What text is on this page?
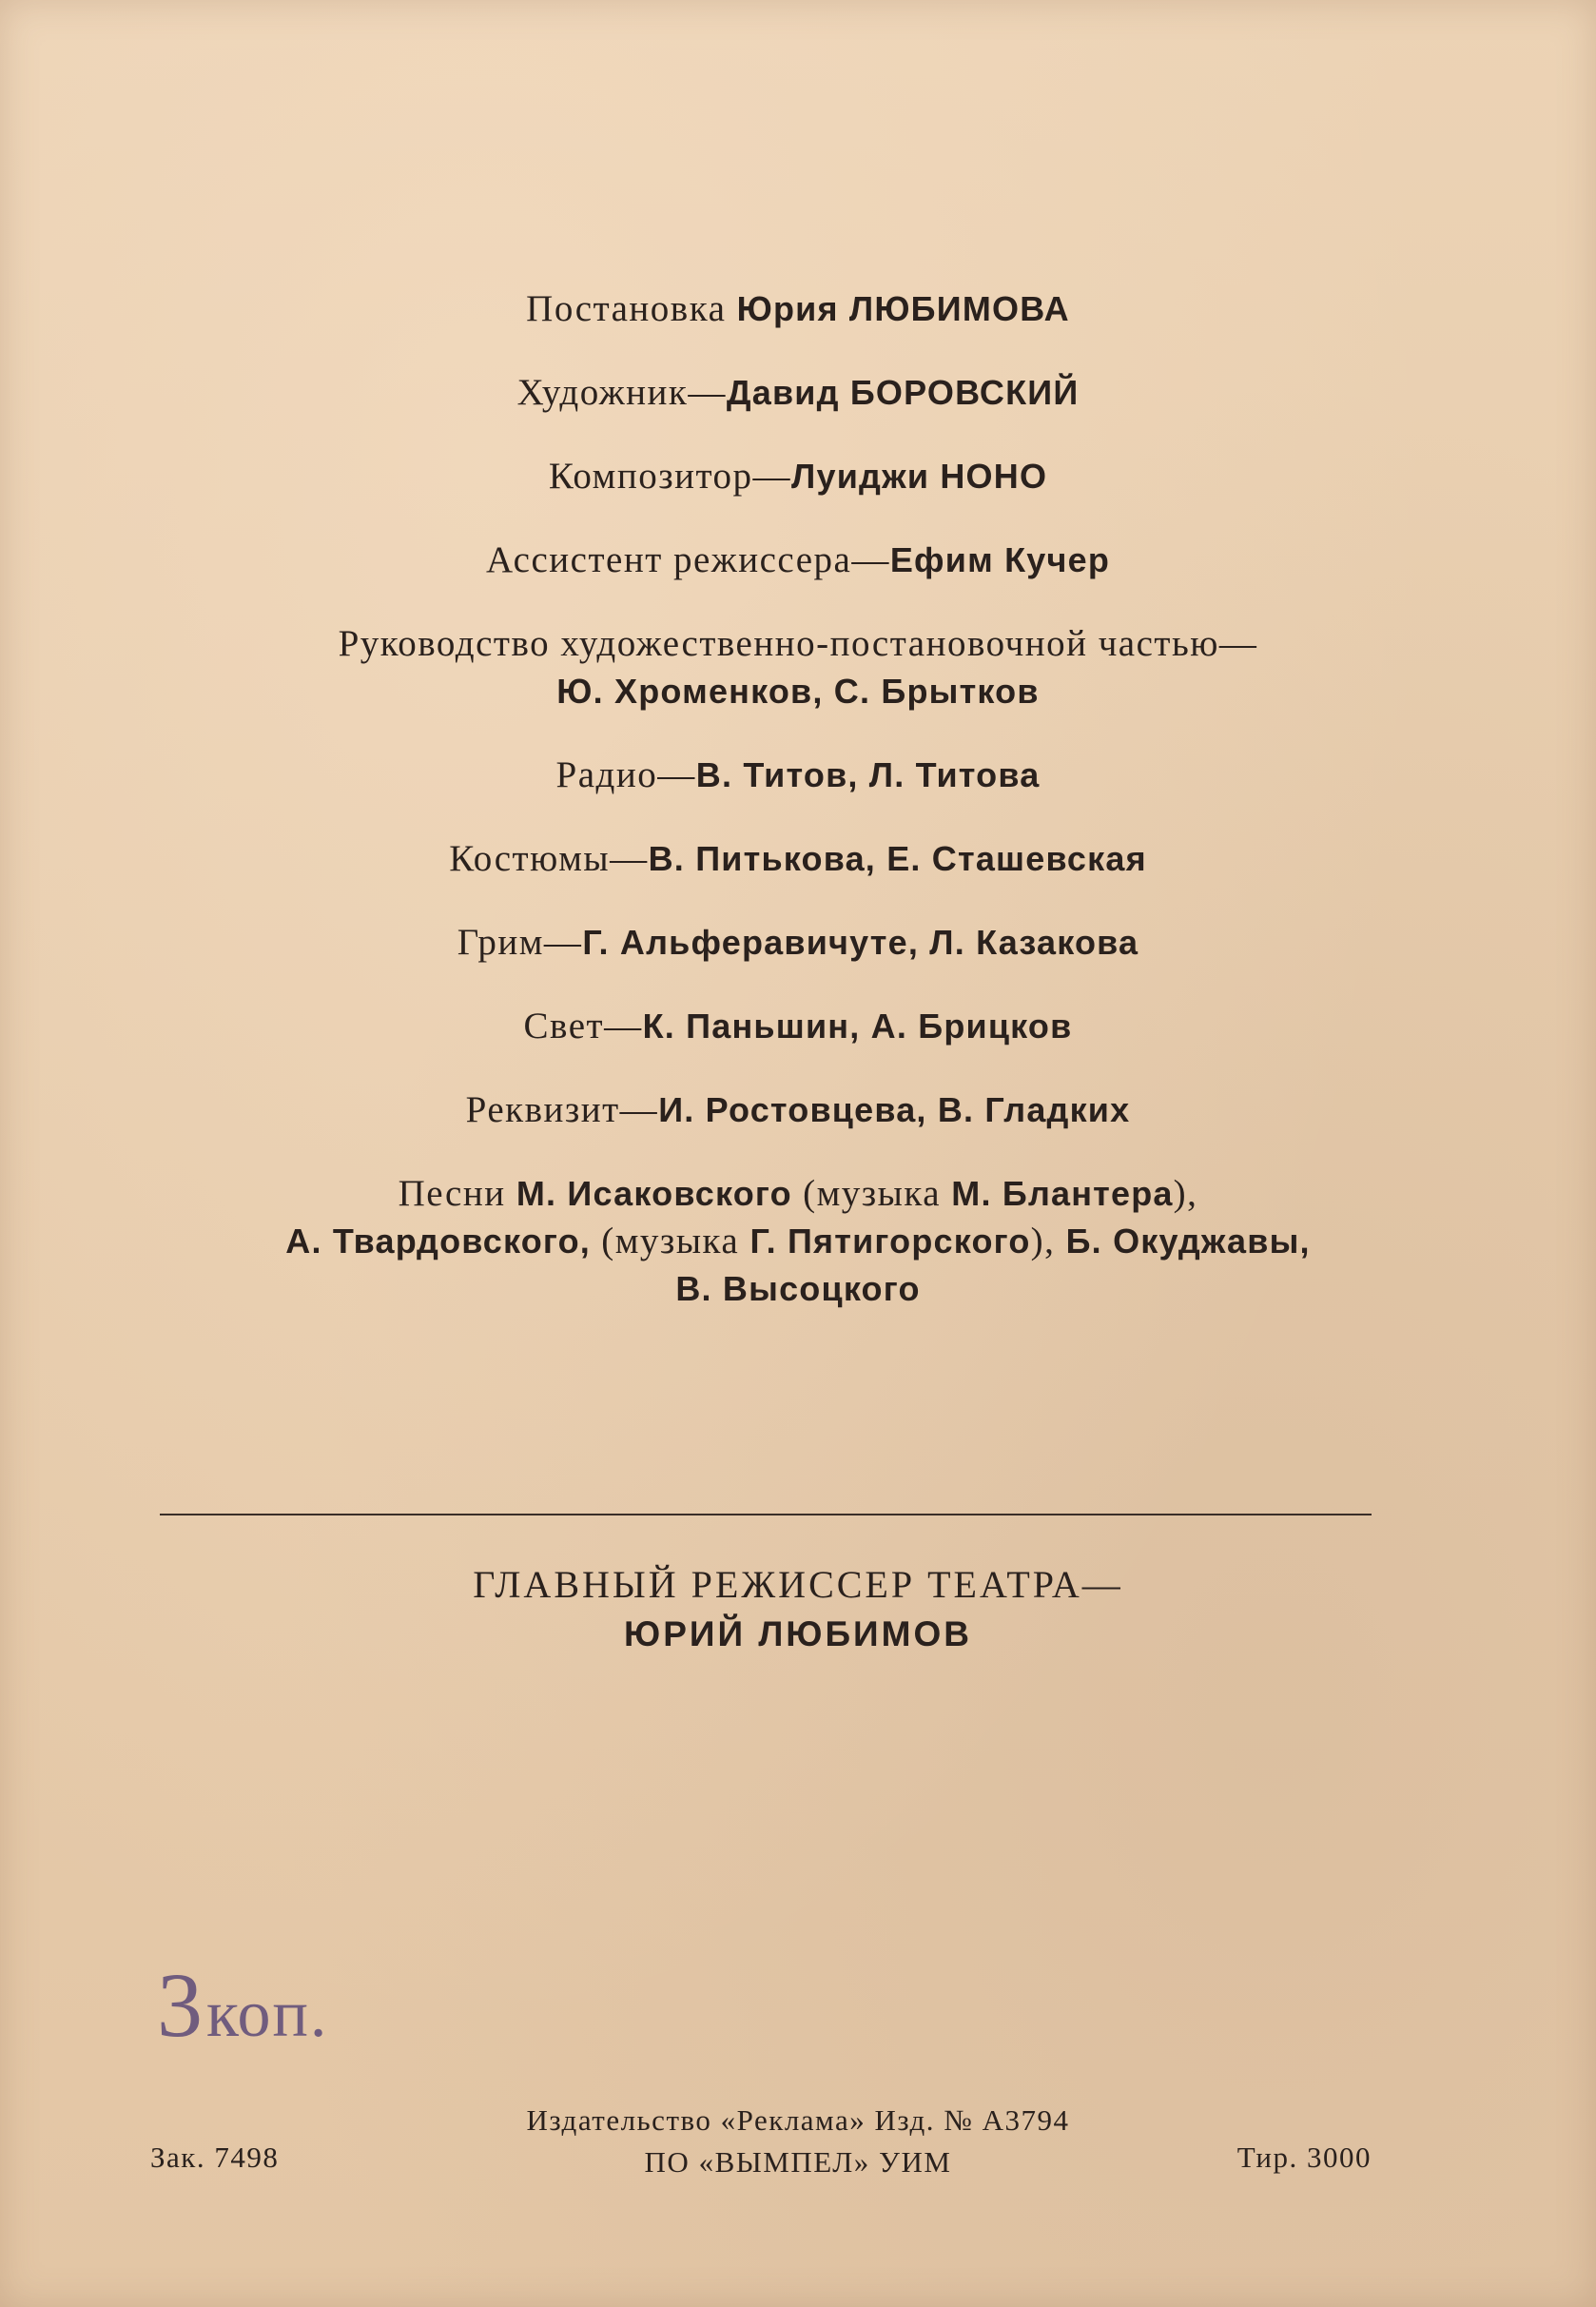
Постановка Юрия ЛЮБИМОВА

Художник—Давид БОРОВСКИЙ

Композитор—Луиджи НОНО

Ассистент режиссера—Ефим Кучер

Руководство художественно-постановочной частью—

Ю. Хроменков, С. Брытков

Радио—В. Титов, Л. Титова

Костюмы—В. Питькова, Е. Сташевская

Грим—Г. Альферавичуте, Л. Казакова

Свет—К. Паньшин, А. Брицков

Реквизит—И. Ростовцева, В. Гладких

Песни М. Исаковского (музыка М. Блантера),

А. Твардовского, (музыка Г. Пятигорского), Б. Окуджавы,

В. Высоцкого

ГЛАВНЫЙ РЕЖИССЕР ТЕАТРА—

ЮРИЙ ЛЮБИМОВ

3 коп.
Зак. 7498
Издательство «Реклама» Изд. № А3794
ПО «ВЫМПЕЛ» УИМ	Тир. 3000
